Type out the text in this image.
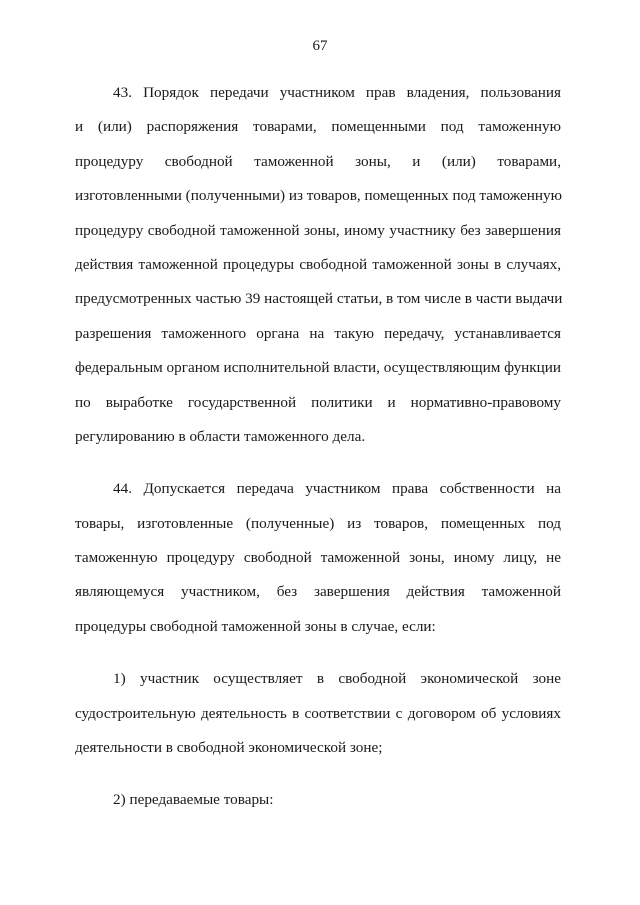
67
43. Порядок передачи участником прав владения, пользования
и (или) распоряжения товарами, помещенными под таможенную
процедуру свободной таможенной зоны, и (или) товарами,
изготовленными (полученными) из товаров, помещенных под таможенную
процедуру свободной таможенной зоны, иному участнику без завершения
действия таможенной процедуры свободной таможенной зоны в случаях,
предусмотренных частью 39 настоящей статьи, в том числе в части выдачи
разрешения таможенного органа на такую передачу, устанавливается
федеральным органом исполнительной власти, осуществляющим функции
по выработке государственной политики и нормативно-правовому
регулированию в области таможенного дела.
44. Допускается передача участником права собственности на
товары, изготовленные (полученные) из товаров, помещенных под
таможенную процедуру свободной таможенной зоны, иному лицу, не
являющемуся участником, без завершения действия таможенной
процедуры свободной таможенной зоны в случае, если:
1) участник осуществляет в свободной экономической зоне
судостроительную деятельность в соответствии с договором об условиях
деятельности в свободной экономической зоне;
2) передаваемые товары:
